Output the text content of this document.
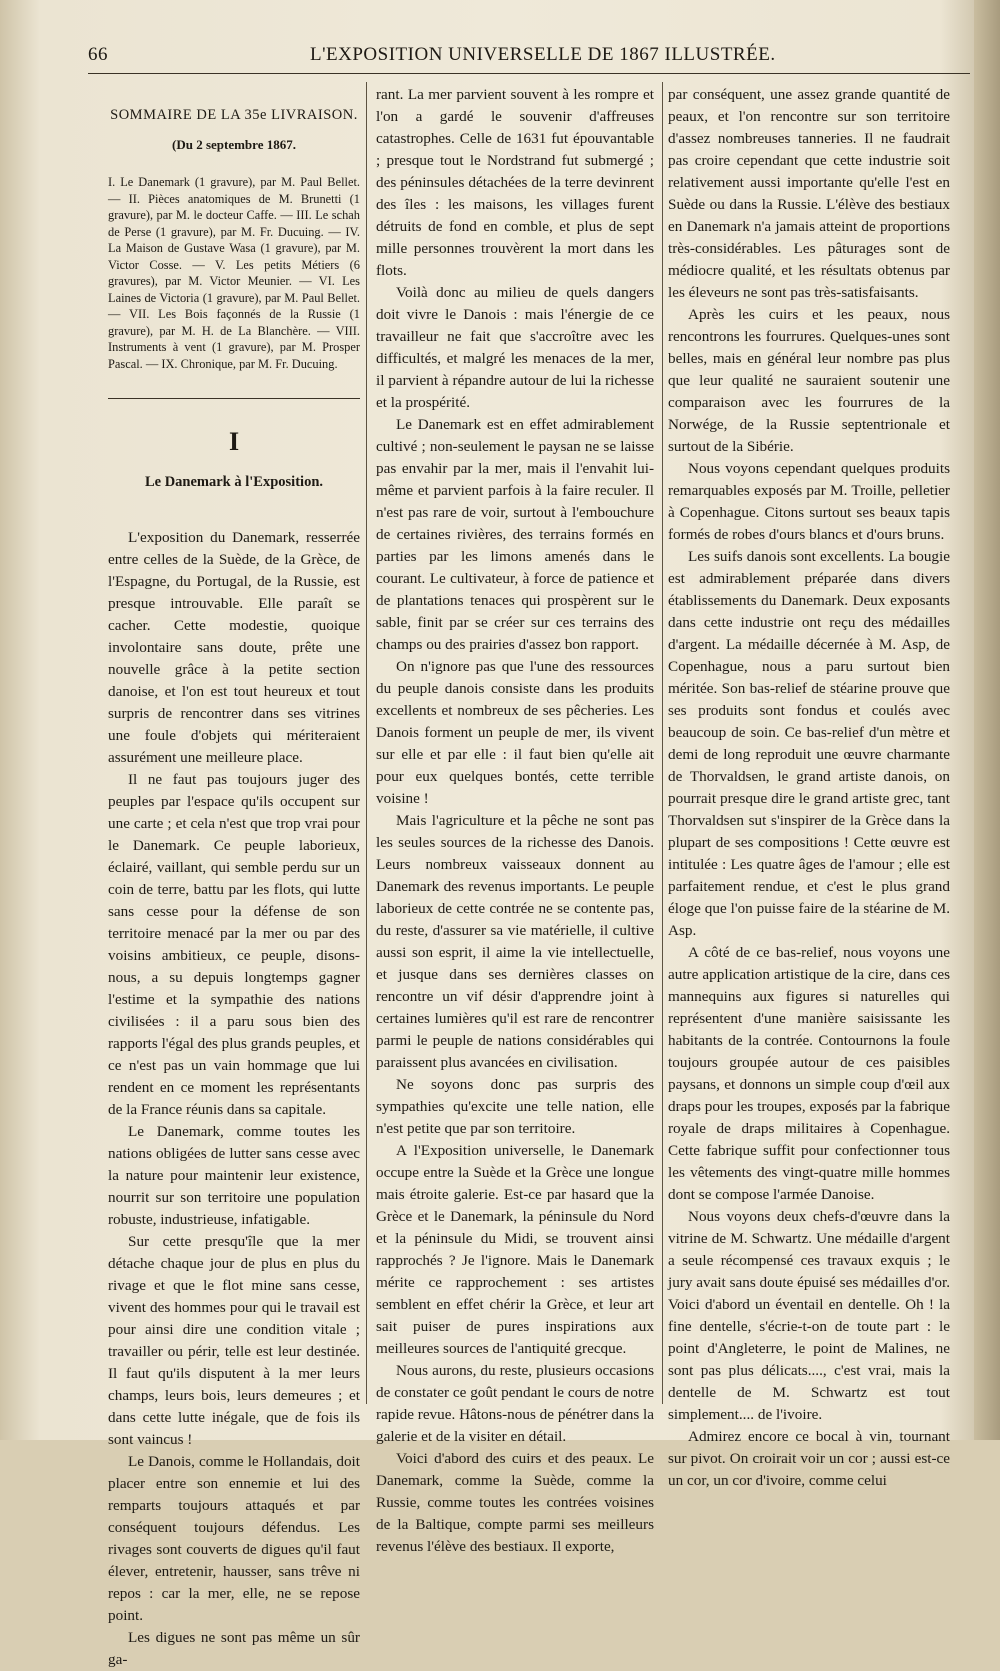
66	L'EXPOSITION UNIVERSELLE DE 1867 ILLUSTRÉE.

SOMMAIRE DE LA 35e LIVRAISON.

(Du 2 septembre 1867.

I. Le Danemark (1 gravure), par M. Paul Bellet. — II. Pièces anatomiques de M. Brunetti (1 gravure), par M. le docteur Caffe. — III. Le schah de Perse (1 gravure), par M. Fr. Ducuing. — IV. La Maison de Gustave Wasa (1 gravure), par M. Victor Cosse. — V. Les petits Métiers (6 gravures), par M. Victor Meunier. — VI. Les Laines de Victoria (1 gravure), par M. Paul Bellet. — VII. Les Bois façonnés de la Russie (1 gravure), par M. H. de La Blanchère. — VIII. Instruments à vent (1 gravure), par M. Prosper Pascal. — IX. Chronique, par M. Fr. Ducuing.

I

Le Danemark à l'Exposition.

L'exposition du Danemark, resserrée entre celles de la Suède, de la Grèce, de l'Espagne, du Portugal, de la Russie, est presque introuvable. Elle paraît se cacher. Cette modestie, quoique involontaire sans doute, prête une nouvelle grâce à la petite section danoise, et l'on est tout heureux et tout surpris de rencontrer dans ses vitrines une foule d'objets qui mériteraient assurément une meilleure place.

Il ne faut pas toujours juger des peuples par l'espace qu'ils occupent sur une carte ; et cela n'est que trop vrai pour le Danemark. Ce peuple laborieux, éclairé, vaillant, qui semble perdu sur un coin de terre, battu par les flots, qui lutte sans cesse pour la défense de son territoire menacé par la mer ou par des voisins ambitieux, ce peuple, disons-nous, a su depuis longtemps gagner l'estime et la sympathie des nations civilisées : il a paru sous bien des rapports l'égal des plus grands peuples, et ce n'est pas un vain hommage que lui rendent en ce moment les représentants de la France réunis dans sa capitale.

Le Danemark, comme toutes les nations obligées de lutter sans cesse avec la nature pour maintenir leur existence, nourrit sur son territoire une population robuste, industrieuse, infatigable.

Sur cette presqu'île que la mer détache chaque jour de plus en plus du rivage et que le flot mine sans cesse, vivent des hommes pour qui le travail est pour ainsi dire une condition vitale ; travailler ou périr, telle est leur destinée. Il faut qu'ils disputent à la mer leurs champs, leurs bois, leurs demeures ; et dans cette lutte inégale, que de fois ils sont vaincus !

Le Danois, comme le Hollandais, doit placer entre son ennemie et lui des remparts toujours attaqués et par conséquent toujours défendus. Les rivages sont couverts de digues qu'il faut élever, entretenir, hausser, sans trêve ni repos : car la mer, elle, ne se repose point.

Les digues ne sont pas même un sûr ga-

rant. La mer parvient souvent à les rompre et l'on a gardé le souvenir d'affreuses catastrophes. Celle de 1631 fut épouvantable ; presque tout le Nordstrand fut submergé ; des péninsules détachées de la terre devinrent des îles : les maisons, les villages furent détruits de fond en comble, et plus de sept mille personnes trouvèrent la mort dans les flots.

Voilà donc au milieu de quels dangers doit vivre le Danois : mais l'énergie de ce travailleur ne fait que s'accroître avec les difficultés, et malgré les menaces de la mer, il parvient à répandre autour de lui la richesse et la prospérité.

Le Danemark est en effet admirablement cultivé ; non-seulement le paysan ne se laisse pas envahir par la mer, mais il l'envahit lui-même et parvient parfois à la faire reculer. Il n'est pas rare de voir, surtout à l'embouchure de certaines rivières, des terrains formés en parties par les limons amenés dans le courant. Le cultivateur, à force de patience et de plantations tenaces qui prospèrent sur le sable, finit par se créer sur ces terrains des champs ou des prairies d'assez bon rapport.

On n'ignore pas que l'une des ressources du peuple danois consiste dans les produits excellents et nombreux de ses pêcheries. Les Danois forment un peuple de mer, ils vivent sur elle et par elle : il faut bien qu'elle ait pour eux quelques bontés, cette terrible voisine !

Mais l'agriculture et la pêche ne sont pas les seules sources de la richesse des Danois. Leurs nombreux vaisseaux donnent au Danemark des revenus importants. Le peuple laborieux de cette contrée ne se contente pas, du reste, d'assurer sa vie matérielle, il cultive aussi son esprit, il aime la vie intellectuelle, et jusque dans ses dernières classes on rencontre un vif désir d'apprendre joint à certaines lumières qu'il est rare de rencontrer parmi le peuple de nations considérables qui paraissent plus avancées en civilisation.

Ne soyons donc pas surpris des sympathies qu'excite une telle nation, elle n'est petite que par son territoire.

A l'Exposition universelle, le Danemark occupe entre la Suède et la Grèce une longue mais étroite galerie. Est-ce par hasard que la Grèce et le Danemark, la péninsule du Nord et la péninsule du Midi, se trouvent ainsi rapprochés ? Je l'ignore. Mais le Danemark mérite ce rapprochement : ses artistes semblent en effet chérir la Grèce, et leur art sait puiser de pures inspirations aux meilleures sources de l'antiquité grecque.

Nous aurons, du reste, plusieurs occasions de constater ce goût pendant le cours de notre rapide revue. Hâtons-nous de pénétrer dans la galerie et de la visiter en détail.

Voici d'abord des cuirs et des peaux. Le Danemark, comme la Suède, comme la Russie, comme toutes les contrées voisines de la Baltique, compte parmi ses meilleurs revenus l'élève des bestiaux. Il exporte,

par conséquent, une assez grande quantité de peaux, et l'on rencontre sur son territoire d'assez nombreuses tanneries. Il ne faudrait pas croire cependant que cette industrie soit relativement aussi importante qu'elle l'est en Suède ou dans la Russie. L'élève des bestiaux en Danemark n'a jamais atteint de proportions très-considérables. Les pâturages sont de médiocre qualité, et les résultats obtenus par les éleveurs ne sont pas très-satisfaisants.

Après les cuirs et les peaux, nous rencontrons les fourrures. Quelques-unes sont belles, mais en général leur nombre pas plus que leur qualité ne sauraient soutenir une comparaison avec les fourrures de la Norwége, de la Russie septentrionale et surtout de la Sibérie.

Nous voyons cependant quelques produits remarquables exposés par M. Troille, pelletier à Copenhague. Citons surtout ses beaux tapis formés de robes d'ours blancs et d'ours bruns.

Les suifs danois sont excellents. La bougie est admirablement préparée dans divers établissements du Danemark. Deux exposants dans cette industrie ont reçu des médailles d'argent. La médaille décernée à M. Asp, de Copenhague, nous a paru surtout bien méritée. Son bas-relief de stéarine prouve que ses produits sont fondus et coulés avec beaucoup de soin. Ce bas-relief d'un mètre et demi de long reproduit une œuvre charmante de Thorvaldsen, le grand artiste danois, on pourrait presque dire le grand artiste grec, tant Thorvaldsen sut s'inspirer de la Grèce dans la plupart de ses compositions ! Cette œuvre est intitulée : Les quatre âges de l'amour ; elle est parfaitement rendue, et c'est le plus grand éloge que l'on puisse faire de la stéarine de M. Asp.

A côté de ce bas-relief, nous voyons une autre application artistique de la cire, dans ces mannequins aux figures si naturelles qui représentent d'une manière saisissante les habitants de la contrée. Contournons la foule toujours groupée autour de ces paisibles paysans, et donnons un simple coup d'œil aux draps pour les troupes, exposés par la fabrique royale de draps militaires à Copenhague. Cette fabrique suffit pour confectionner tous les vêtements des vingt-quatre mille hommes dont se compose l'armée Danoise.

Nous voyons deux chefs-d'œuvre dans la vitrine de M. Schwartz. Une médaille d'argent a seule récompensé ces travaux exquis ; le jury avait sans doute épuisé ses médailles d'or. Voici d'abord un éventail en dentelle. Oh ! la fine dentelle, s'écrie-t-on de toute part : le point d'Angleterre, le point de Malines, ne sont pas plus délicats...., c'est vrai, mais la dentelle de M. Schwartz est tout simplement.... de l'ivoire.

Admirez encore ce bocal à vin, tournant sur pivot. On croirait voir un cor ; aussi est-ce un cor, un cor d'ivoire, comme celui
